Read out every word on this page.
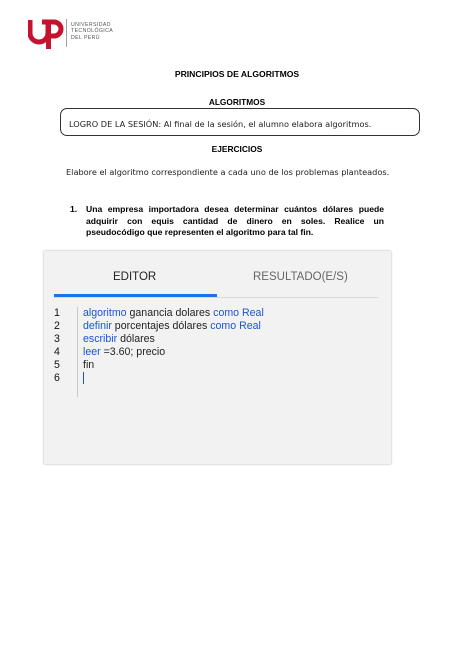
UNIVERSIDAD
TECNOLÓGICA
DEL PERÚ
PRINCIPIOS DE ALGORITMOS
ALGORITMOS
LOGRO DE LA SESIÓN: Al final de la sesión, el alumno elabora algoritmos.
EJERCICIOS
Elabore el algoritmo correspondiente a cada uno de los problemas planteados.
1. Una empresa importadora desea determinar cuántos dólares puede adquirir con equis cantidad de dinero en soles. Realice un pseudocódigo que representen el algoritmo para tal fin.
EDITOR	RESULTADO(E/S)
1	algoritmo ganancia dolares como Real
2	definir porcentajes dólares como Real
3	escribir dólares
4	leer =3.60; precio
5	fin
6
